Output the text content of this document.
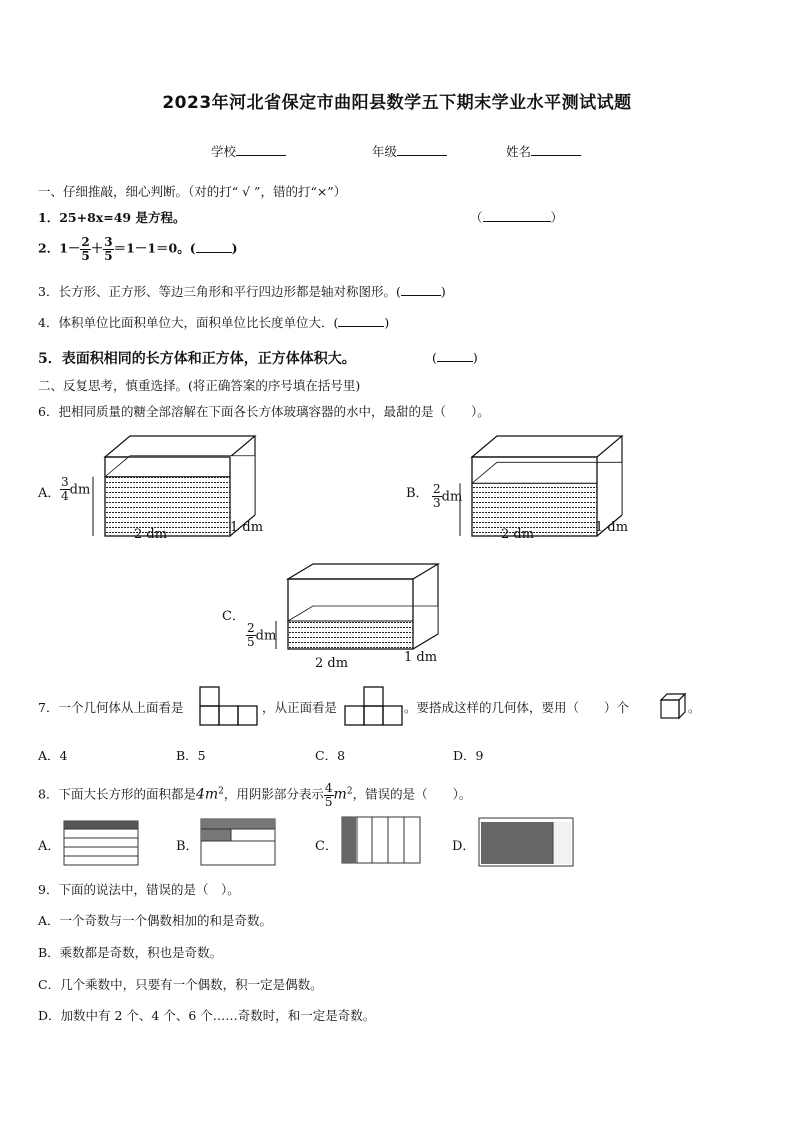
2023年河北省保定市曲阳县数学五下期末学业水平测试试题
学校	年级	姓名
一、仔细推敲，细心判断。（对的打“ √ ”，错的打“×”）
1．25+8x=49 是方程。	（	）
2．$1- \frac{2}{5} + \frac{3}{5} =1-1=0$。(	)
3．长方形、正方形、等边三角形和平行四边形都是轴对称图形。(	)
4．体积单位比面积单位大，面积单位比长度单位大．(	)
5．表面积相同的长方体和正方体，正方体体积大。	(	)
二、反复思考，慎重选择。(将正确答案的序号填在括号里)
6．把相同质量的糖全部溶解在下面各长方体玻璃容器的水中，最甜的是（　　）。
A． $\frac{3}{4}$ dm
2 dm	1 dm
B． $\frac{2}{3}$ dm
2 dm	1 dm
C．
$\frac{2}{5}$ dm
2 dm	1 dm
7．一个几何体从上面看是	，从正面看是	。要搭成这样的几何体，要用（　　）个	。
A．4	B．5	C．8	D．9
8．下面大长方形的面积都是$4m^2$，用阴影部分表示 $\frac{4}{5} m^2$，错误的是（　　）。
A．	B．	C．	D．
9．下面的说法中，错误的是（　）。
A．一个奇数与一个偶数相加的和是奇数。
B．乘数都是奇数，积也是奇数。
C．几个乘数中，只要有一个偶数，积一定是偶数。
D．加数中有 2 个、4 个、6 个……奇数时，和一定是奇数。
